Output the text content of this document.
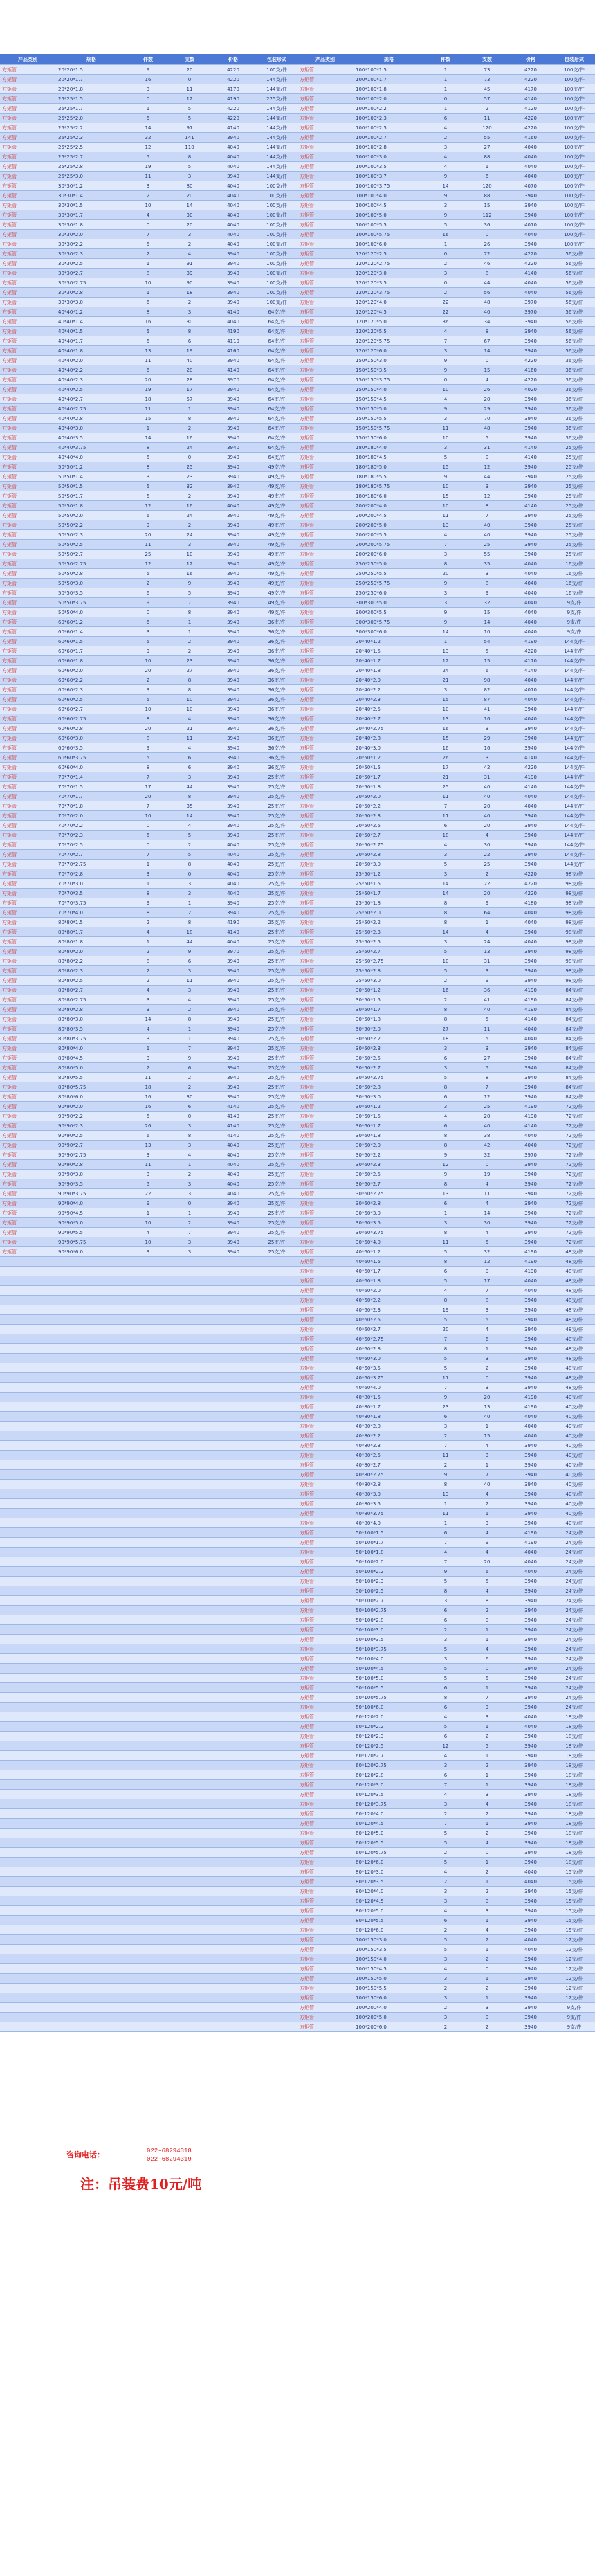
产品类别	规格	件数	支数	价格	包装形式	产品类别	规格	件数	支数	价格	包装形式
方矩管	20*20*1.5	9	20	4220	100支/件	方矩管	100*100*1.5	1	73	4220	100支/件
方矩管	20*20*1.7	16	0	4220	144支/件	方矩管	100*100*1.7	1	73	4220	100支/件
方矩管	20*20*1.8	3	11	4170	144支/件	方矩管	100*100*1.8	1	45	4170	100支/件
方矩管	25*25*1.5	0	12	4190	225支/件	方矩管	100*100*2.0	0	57	4140	100支/件
方矩管	25*25*1.7	1	5	4220	144支/件	方矩管	100*100*2.2	1	2	4120	100支/件
方矩管	25*25*2.0	5	5	4220	144支/件	方矩管	100*100*2.3	6	11	4220	100支/件
方矩管	25*25*2.2	14	97	4140	144支/件	方矩管	100*100*2.5	4	120	4220	100支/件
方矩管	25*25*2.3	32	141	3940	144支/件	方矩管	100*100*2.7	2	55	4160	100支/件
方矩管	25*25*2.5	12	110	4040	144支/件	方矩管	100*100*2.8	3	27	4040	100支/件
方矩管	25*25*2.7	5	8	4040	144支/件	方矩管	100*100*3.0	4	88	4040	100支/件
方矩管	25*25*2.8	19	5	4040	144支/件	方矩管	100*100*3.5	4	1	4040	100支/件
方矩管	25*25*3.0	11	3	3940	144支/件	方矩管	100*100*3.7	9	6	4040	100支/件
方矩管	30*30*1.2	3	80	4040	100支/件	方矩管	100*100*3.75	14	120	4070	100支/件
方矩管	30*30*1.4	2	20	4040	100支/件	方矩管	100*100*4.0	9	88	3940	100支/件
方矩管	30*30*1.5	10	14	4040	100支/件	方矩管	100*100*4.5	3	15	3940	100支/件
方矩管	30*30*1.7	4	30	4040	100支/件	方矩管	100*100*5.0	9	112	3940	100支/件
方矩管	30*30*1.8	0	20	4040	100支/件	方矩管	100*100*5.5	5	36	4070	100支/件
方矩管	30*30*2.0	7	3	4040	100支/件	方矩管	100*100*5.75	16	0	4040	100支/件
方矩管	30*30*2.2	5	2	4040	100支/件	方矩管	100*100*6.0	1	26	3940	100支/件
方矩管	30*30*2.3	2	4	3940	100支/件	方矩管	120*120*2.5	0	72	4220	56支/件
方矩管	30*30*2.5	1	91	3940	100支/件	方矩管	120*120*2.75	2	46	4220	56支/件
方矩管	30*30*2.7	8	39	3940	100支/件	方矩管	120*120*3.0	3	8	4140	56支/件
方矩管	30*30*2.75	10	90	3940	100支/件	方矩管	120*120*3.5	0	44	4040	56支/件
方矩管	30*30*2.8	1	18	3940	100支/件	方矩管	120*120*3.75	2	56	4040	56支/件
方矩管	30*30*3.0	6	2	3940	100支/件	方矩管	120*120*4.0	22	48	3970	56支/件
方矩管	40*40*1.2	8	3	4140	64支/件	方矩管	120*120*4.5	22	40	3970	56支/件
方矩管	40*40*1.4	16	30	4040	64支/件	方矩管	120*120*5.0	36	34	3940	56支/件
方矩管	40*40*1.5	5	8	4190	64支/件	方矩管	120*120*5.5	4	8	3940	56支/件
方矩管	40*40*1.7	5	6	4110	64支/件	方矩管	120*120*5.75	7	67	3940	56支/件
方矩管	40*40*1.8	13	19	4160	64支/件	方矩管	120*120*6.0	3	14	3940	56支/件
方矩管	40*40*2.0	11	40	3940	64支/件	方矩管	150*150*3.0	9	0	4220	36支/件
方矩管	40*40*2.2	6	20	4140	64支/件	方矩管	150*150*3.5	9	15	4160	36支/件
方矩管	40*40*2.3	20	28	3970	64支/件	方矩管	150*150*3.75	0	4	4220	36支/件
方矩管	40*40*2.5	19	17	3940	64支/件	方矩管	150*150*4.0	10	26	4020	36支/件
方矩管	40*40*2.7	18	57	3940	64支/件	方矩管	150*150*4.5	4	20	3940	36支/件
方矩管	40*40*2.75	11	1	3940	64支/件	方矩管	150*150*5.0	9	29	3940	36支/件
方矩管	40*40*2.8	15	8	3940	64支/件	方矩管	150*150*5.5	3	70	3940	36支/件
方矩管	40*40*3.0	1	2	3940	64支/件	方矩管	150*150*5.75	11	48	3940	36支/件
方矩管	40*40*3.5	14	16	3940	64支/件	方矩管	150*150*6.0	10	5	3940	36支/件
方矩管	40*40*3.75	8	24	3940	64支/件	方矩管	180*180*4.0	3	31	4140	25支/件
方矩管	40*40*4.0	5	0	3940	64支/件	方矩管	180*180*4.5	5	0	4140	25支/件
方矩管	50*50*1.2	8	25	3940	49支/件	方矩管	180*180*5.0	15	12	3940	25支/件
方矩管	50*50*1.4	3	23	3940	49支/件	方矩管	180*180*5.5	9	44	3940	25支/件
方矩管	50*50*1.5	5	32	3940	49支/件	方矩管	180*180*5.75	10	3	3940	25支/件
方矩管	50*50*1.7	5	2	3940	49支/件	方矩管	180*180*6.0	15	12	3940	25支/件
方矩管	50*50*1.8	12	16	4040	49支/件	方矩管	200*200*4.0	10	8	4140	25支/件
方矩管	50*50*2.0	6	24	3940	49支/件	方矩管	200*200*4.5	11	7	3940	25支/件
方矩管	50*50*2.2	9	2	3940	49支/件	方矩管	200*200*5.0	13	40	3940	25支/件
方矩管	50*50*2.3	20	24	3940	49支/件	方矩管	200*200*5.5	4	40	3940	25支/件
方矩管	50*50*2.5	11	3	3940	49支/件	方矩管	200*200*5.75	7	25	3940	25支/件
方矩管	50*50*2.7	25	10	3940	49支/件	方矩管	200*200*6.0	3	55	3940	25支/件
方矩管	50*50*2.75	12	12	3940	49支/件	方矩管	250*250*5.0	8	35	4040	16支/件
方矩管	50*50*2.8	5	16	3940	49支/件	方矩管	250*250*5.5	20	3	4040	16支/件
方矩管	50*50*3.0	2	9	3940	49支/件	方矩管	250*250*5.75	9	8	4040	16支/件
方矩管	50*50*3.5	6	5	3940	49支/件	方矩管	250*250*6.0	3	9	4040	16支/件
方矩管	50*50*3.75	9	7	3940	49支/件	方矩管	300*300*5.0	3	32	4040	9支/件
方矩管	50*50*4.0	0	8	3940	49支/件	方矩管	300*300*5.5	9	15	4040	9支/件
方矩管	60*60*1.2	6	1	3940	36支/件	方矩管	300*300*5.75	9	14	4040	9支/件
方矩管	60*60*1.4	3	1	3940	36支/件	方矩管	300*300*6.0	14	10	4040	9支/件
方矩管	60*60*1.5	5	2	3940	36支/件	方矩管	20*40*1.2	1	54	4190	144支/件
方矩管	60*60*1.7	9	2	3940	36支/件	方矩管	20*40*1.5	13	5	4220	144支/件
方矩管	60*60*1.8	10	23	3940	36支/件	方矩管	20*40*1.7	12	15	4170	144支/件
方矩管	60*60*2.0	20	27	3940	36支/件	方矩管	20*40*1.8	24	6	4140	144支/件
方矩管	60*60*2.2	2	8	3940	36支/件	方矩管	20*40*2.0	21	98	4040	144支/件
方矩管	60*60*2.3	3	8	3940	36支/件	方矩管	20*40*2.2	3	82	4070	144支/件
方矩管	60*60*2.5	5	10	3940	36支/件	方矩管	20*40*2.3	15	87	4040	144支/件
方矩管	60*60*2.7	10	10	3940	36支/件	方矩管	20*40*2.5	10	41	3940	144支/件
方矩管	60*60*2.75	8	4	3940	36支/件	方矩管	20*40*2.7	13	16	4040	144支/件
方矩管	60*60*2.8	20	21	3940	36支/件	方矩管	20*40*2.75	16	3	3940	144支/件
方矩管	60*60*3.0	8	11	3940	36支/件	方矩管	20*40*2.8	15	29	3940	144支/件
方矩管	60*60*3.5	9	4	3940	36支/件	方矩管	20*40*3.0	16	16	3940	144支/件
方矩管	60*60*3.75	5	6	3940	36支/件	方矩管	20*50*1.2	26	3	4140	144支/件
方矩管	60*60*4.0	8	6	3940	36支/件	方矩管	20*50*1.5	17	42	4220	144支/件
方矩管	70*70*1.4	7	3	3940	25支/件	方矩管	20*50*1.7	21	31	4190	144支/件
方矩管	70*70*1.5	17	44	3940	25支/件	方矩管	20*50*1.8	25	40	4140	144支/件
方矩管	70*70*1.7	20	8	3940	25支/件	方矩管	20*50*2.0	11	40	4040	144支/件
方矩管	70*70*1.8	7	35	3940	25支/件	方矩管	20*50*2.2	7	20	4040	144支/件
方矩管	70*70*2.0	10	14	3940	25支/件	方矩管	20*50*2.3	11	40	3940	144支/件
方矩管	70*70*2.2	0	4	3940	25支/件	方矩管	20*50*2.5	6	20	3940	144支/件
方矩管	70*70*2.3	5	5	3940	25支/件	方矩管	20*50*2.7	18	4	3940	144支/件
方矩管	70*70*2.5	0	2	4040	25支/件	方矩管	20*50*2.75	4	30	3940	144支/件
方矩管	70*70*2.7	7	5	4040	25支/件	方矩管	20*50*2.8	3	22	3940	144支/件
方矩管	70*70*2.75	1	8	4040	25支/件	方矩管	20*50*3.0	5	25	3940	144支/件
方矩管	70*70*2.8	3	0	4040	25支/件	方矩管	25*50*1.2	3	2	4220	98支/件
方矩管	70*70*3.0	1	3	4040	25支/件	方矩管	25*50*1.5	14	22	4220	98支/件
方矩管	70*70*3.5	8	3	4040	25支/件	方矩管	25*50*1.7	14	20	4220	98支/件
方矩管	70*70*3.75	9	1	3940	25支/件	方矩管	25*50*1.8	8	9	4180	98支/件
方矩管	70*70*4.0	8	2	3940	25支/件	方矩管	25*50*2.0	8	64	4040	98支/件
方矩管	80*80*1.5	2	8	4190	25支/件	方矩管	25*50*2.2	8	1	4040	98支/件
方矩管	80*80*1.7	4	18	4140	25支/件	方矩管	25*50*2.3	14	4	3940	98支/件
方矩管	80*80*1.8	1	44	4040	25支/件	方矩管	25*50*2.5	3	24	4040	98支/件
方矩管	80*80*2.0	2	9	3970	25支/件	方矩管	25*50*2.7	5	13	3940	98支/件
方矩管	80*80*2.2	8	6	3940	25支/件	方矩管	25*50*2.75	10	31	3940	98支/件
方矩管	80*80*2.3	2	3	3940	25支/件	方矩管	25*50*2.8	5	3	3940	98支/件
方矩管	80*80*2.5	2	11	3940	25支/件	方矩管	25*50*3.0	2	9	3940	98支/件
方矩管	80*80*2.7	4	3	3940	25支/件	方矩管	30*50*1.2	16	36	4190	84支/件
方矩管	80*80*2.75	3	4	3940	25支/件	方矩管	30*50*1.5	2	41	4190	84支/件
方矩管	80*80*2.8	3	2	3940	25支/件	方矩管	30*50*1.7	8	40	4190	84支/件
方矩管	80*80*3.0	14	8	3940	25支/件	方矩管	30*50*1.8	8	5	4140	84支/件
方矩管	80*80*3.5	4	1	3940	25支/件	方矩管	30*50*2.0	27	11	4040	84支/件
方矩管	80*80*3.75	3	1	3940	25支/件	方矩管	30*50*2.2	18	5	4040	84支/件
方矩管	80*80*4.0	1	7	3940	25支/件	方矩管	30*50*2.3	3	3	3940	84支/件
方矩管	80*80*4.5	3	9	3940	25支/件	方矩管	30*50*2.5	6	27	3940	84支/件
方矩管	80*80*5.0	2	6	3940	25支/件	方矩管	30*50*2.7	3	5	3940	84支/件
方矩管	80*80*5.5	11	2	3940	25支/件	方矩管	30*50*2.75	5	8	3940	84支/件
方矩管	80*80*5.75	18	2	3940	25支/件	方矩管	30*50*2.8	8	7	3940	84支/件
方矩管	80*80*6.0	16	30	3940	25支/件	方矩管	30*50*3.0	6	12	3940	84支/件
方矩管	90*90*2.0	16	6	4140	25支/件	方矩管	30*60*1.2	3	25	4190	72支/件
方矩管	90*90*2.2	5	0	4140	25支/件	方矩管	30*60*1.5	4	20	4190	72支/件
方矩管	90*90*2.3	26	3	4140	25支/件	方矩管	30*60*1.7	6	40	4140	72支/件
方矩管	90*90*2.5	6	8	4140	25支/件	方矩管	30*60*1.8	8	38	4040	72支/件
方矩管	90*90*2.7	13	3	4040	25支/件	方矩管	30*60*2.0	8	42	4040	72支/件
方矩管	90*90*2.75	3	4	4040	25支/件	方矩管	30*60*2.2	9	32	3970	72支/件
方矩管	90*90*2.8	11	1	4040	25支/件	方矩管	30*60*2.3	12	0	3940	72支/件
方矩管	90*90*3.0	3	2	4040	25支/件	方矩管	30*60*2.5	9	19	3940	72支/件
方矩管	90*90*3.5	5	3	4040	25支/件	方矩管	30*60*2.7	8	4	3940	72支/件
方矩管	90*90*3.75	22	3	4040	25支/件	方矩管	30*60*2.75	13	11	3940	72支/件
方矩管	90*90*4.0	9	0	3940	25支/件	方矩管	30*60*2.8	6	4	3940	72支/件
方矩管	90*90*4.5	1	1	3940	25支/件	方矩管	30*60*3.0	1	14	3940	72支/件
方矩管	90*90*5.0	10	2	3940	25支/件	方矩管	30*60*3.5	3	30	3940	72支/件
方矩管	90*90*5.5	4	7	3940	25支/件	方矩管	30*60*3.75	8	4	3940	72支/件
方矩管	90*90*5.75	10	3	3940	25支/件	方矩管	30*60*4.0	11	5	3940	72支/件
方矩管	90*90*6.0	3	3	3940	25支/件	方矩管	40*60*1.2	5	32	4190	48支/件
方矩管	40*60*1.5	8	12	4190	48支/件
方矩管	40*60*1.7	6	0	4190	48支/件
方矩管	40*60*1.8	5	17	4040	48支/件
方矩管	40*60*2.0	4	7	4040	48支/件
方矩管	40*60*2.2	8	8	3940	48支/件
方矩管	40*60*2.3	19	3	3940	48支/件
方矩管	40*60*2.5	5	5	3940	48支/件
方矩管	40*60*2.7	20	4	3940	48支/件
方矩管	40*60*2.75	7	6	3940	48支/件
方矩管	40*60*2.8	8	1	3940	48支/件
方矩管	40*60*3.0	5	3	3940	48支/件
方矩管	40*60*3.5	5	2	3940	48支/件
方矩管	40*60*3.75	11	0	3940	48支/件
方矩管	40*60*4.0	7	3	3940	48支/件
方矩管	40*80*1.5	9	20	4190	40支/件
方矩管	40*80*1.7	23	13	4190	40支/件
方矩管	40*80*1.8	6	40	4040	40支/件
方矩管	40*80*2.0	3	1	4040	40支/件
方矩管	40*80*2.2	2	15	4040	40支/件
方矩管	40*80*2.3	7	4	3940	40支/件
方矩管	40*80*2.5	11	3	3940	40支/件
方矩管	40*80*2.7	2	1	3940	40支/件
方矩管	40*80*2.75	9	7	3940	40支/件
方矩管	40*80*2.8	8	40	3940	40支/件
方矩管	40*80*3.0	13	4	3940	40支/件
方矩管	40*80*3.5	1	2	3940	40支/件
方矩管	40*80*3.75	11	1	3940	40支/件
方矩管	40*80*4.0	1	3	3940	40支/件
方矩管	50*100*1.5	6	4	4190	24支/件
方矩管	50*100*1.7	7	9	4190	24支/件
方矩管	50*100*1.8	4	4	4040	24支/件
方矩管	50*100*2.0	7	20	4040	24支/件
方矩管	50*100*2.2	9	6	4040	24支/件
方矩管	50*100*2.3	5	5	3940	24支/件
方矩管	50*100*2.5	8	4	3940	24支/件
方矩管	50*100*2.7	3	8	3940	24支/件
方矩管	50*100*2.75	6	2	3940	24支/件
方矩管	50*100*2.8	6	0	3940	24支/件
方矩管	50*100*3.0	2	1	3940	24支/件
方矩管	50*100*3.5	3	1	3940	24支/件
方矩管	50*100*3.75	5	4	3940	24支/件
方矩管	50*100*4.0	3	6	3940	24支/件
方矩管	50*100*4.5	5	0	3940	24支/件
方矩管	50*100*5.0	5	5	3940	24支/件
方矩管	50*100*5.5	6	1	3940	24支/件
方矩管	50*100*5.75	8	7	3940	24支/件
方矩管	50*100*6.0	6	3	3940	24支/件
方矩管	60*120*2.0	4	3	4040	18支/件
方矩管	60*120*2.2	5	1	4040	18支/件
方矩管	60*120*2.3	6	2	3940	18支/件
方矩管	60*120*2.5	12	5	3940	18支/件
方矩管	60*120*2.7	4	1	3940	18支/件
方矩管	60*120*2.75	3	2	3940	18支/件
方矩管	60*120*2.8	6	1	3940	18支/件
方矩管	60*120*3.0	7	1	3940	18支/件
方矩管	60*120*3.5	4	3	3940	18支/件
方矩管	60*120*3.75	3	4	3940	18支/件
方矩管	60*120*4.0	2	2	3940	18支/件
方矩管	60*120*4.5	7	1	3940	18支/件
方矩管	60*120*5.0	5	2	3940	18支/件
方矩管	60*120*5.5	5	4	3940	18支/件
方矩管	60*120*5.75	2	0	3940	18支/件
方矩管	60*120*6.0	5	1	3940	18支/件
方矩管	80*120*3.0	4	2	4040	15支/件
方矩管	80*120*3.5	2	1	4040	15支/件
方矩管	80*120*4.0	3	2	3940	15支/件
方矩管	80*120*4.5	3	0	3940	15支/件
方矩管	80*120*5.0	4	3	3940	15支/件
方矩管	80*120*5.5	6	1	3940	15支/件
方矩管	80*120*6.0	2	4	3940	15支/件
方矩管	100*150*3.0	5	2	4040	12支/件
方矩管	100*150*3.5	5	1	4040	12支/件
方矩管	100*150*4.0	3	2	3940	12支/件
方矩管	100*150*4.5	4	0	3940	12支/件
方矩管	100*150*5.0	3	1	3940	12支/件
方矩管	100*150*5.5	2	2	3940	12支/件
方矩管	100*150*6.0	3	1	3940	12支/件
方矩管	100*200*4.0	2	3	3940	9支/件
方矩管	100*200*5.0	3	0	3940	9支/件
方矩管	100*200*6.0	2	2	3940	9支/件
咨询电话：	022-68294318
022-68294319
注：吊装费10元/吨
